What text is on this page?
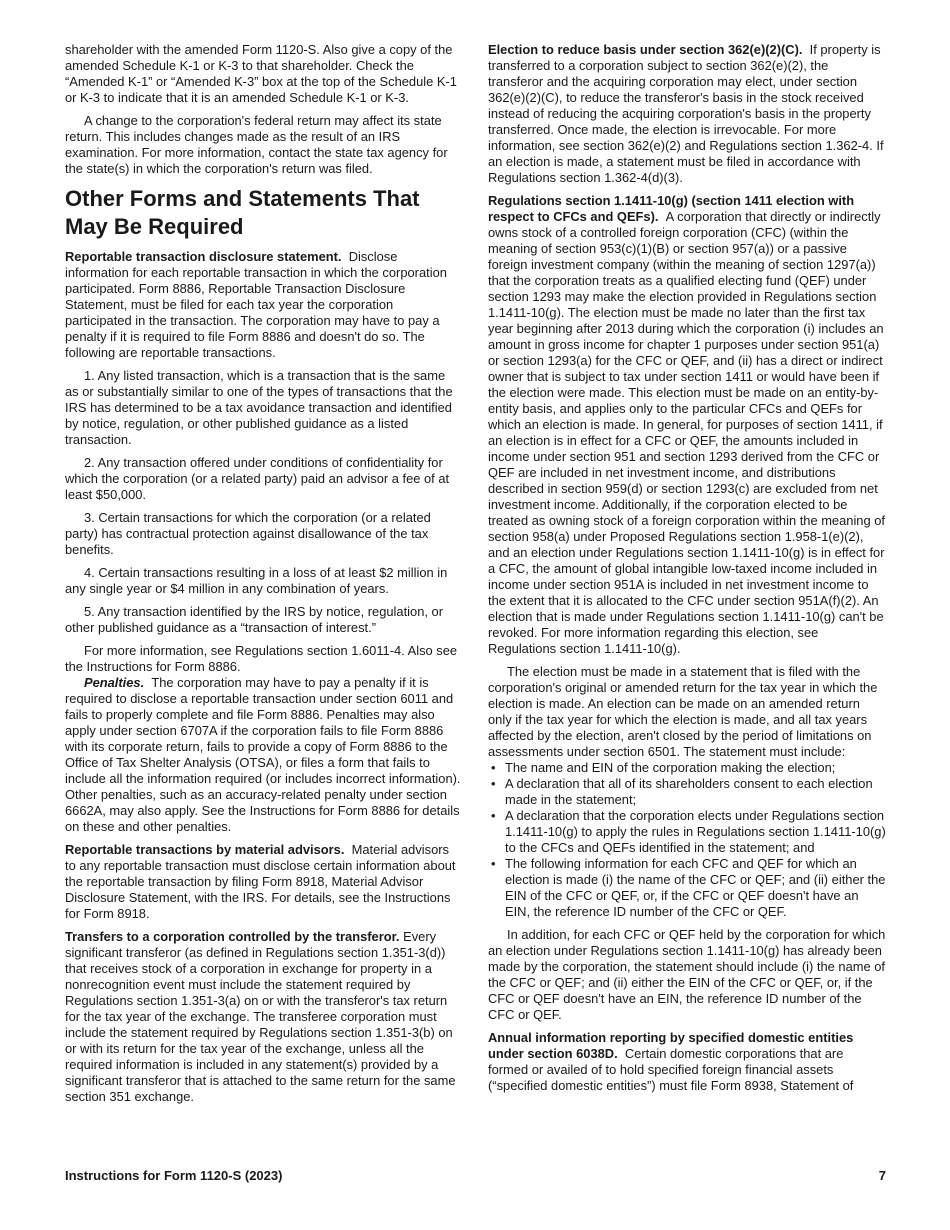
shareholder with the amended Form 1120-S. Also give a copy of the amended Schedule K-1 or K-3 to that shareholder. Check the “Amended K-1” or “Amended K-3” box at the top of the Schedule K-1 or K-3 to indicate that it is an amended Schedule K-1 or K-3.

A change to the corporation's federal return may affect its state return. This includes changes made as the result of an IRS examination. For more information, contact the state tax agency for the state(s) in which the corporation's return was filed.

Other Forms and Statements That May Be Required

Reportable transaction disclosure statement. Disclose information for each reportable transaction in which the corporation participated. Form 8886, Reportable Transaction Disclosure Statement, must be filed for each tax year the corporation participated in the transaction. The corporation may have to pay a penalty if it is required to file Form 8886 and doesn't do so. The following are reportable transactions.

1. Any listed transaction, which is a transaction that is the same as or substantially similar to one of the types of transactions that the IRS has determined to be a tax avoidance transaction and identified by notice, regulation, or other published guidance as a listed transaction.

2. Any transaction offered under conditions of confidentiality for which the corporation (or a related party) paid an advisor a fee of at least $50,000.

3. Certain transactions for which the corporation (or a related party) has contractual protection against disallowance of the tax benefits.

4. Certain transactions resulting in a loss of at least $2 million in any single year or $4 million in any combination of years.

5. Any transaction identified by the IRS by notice, regulation, or other published guidance as a “transaction of interest.”

For more information, see Regulations section 1.6011-4. Also see the Instructions for Form 8886.

Penalties. The corporation may have to pay a penalty if it is required to disclose a reportable transaction under section 6011 and fails to properly complete and file Form 8886. Penalties may also apply under section 6707A if the corporation fails to file Form 8886 with its corporate return, fails to provide a copy of Form 8886 to the Office of Tax Shelter Analysis (OTSA), or files a form that fails to include all the information required (or includes incorrect information). Other penalties, such as an accuracy-related penalty under section 6662A, may also apply. See the Instructions for Form 8886 for details on these and other penalties.

Reportable transactions by material advisors. Material advisors to any reportable transaction must disclose certain information about the reportable transaction by filing Form 8918, Material Advisor Disclosure Statement, with the IRS. For details, see the Instructions for Form 8918.

Transfers to a corporation controlled by the transferor. Every significant transferor (as defined in Regulations section 1.351-3(d)) that receives stock of a corporation in exchange for property in a nonrecognition event must include the statement required by Regulations section 1.351-3(a) on or with the transferor's tax return for the tax year of the exchange. The transferee corporation must include the statement required by Regulations section 1.351-3(b) on or with its return for the tax year of the exchange, unless all the required information is included in any statement(s) provided by a significant transferor that is attached to the same return for the same section 351 exchange.

Election to reduce basis under section 362(e)(2)(C). If property is transferred to a corporation subject to section 362(e)(2), the transferor and the acquiring corporation may elect, under section 362(e)(2)(C), to reduce the transferor's basis in the stock received instead of reducing the acquiring corporation's basis in the property transferred. Once made, the election is irrevocable. For more information, see section 362(e)(2) and Regulations section 1.362-4. If an election is made, a statement must be filed in accordance with Regulations section 1.362-4(d)(3).

Regulations section 1.1411-10(g) (section 1411 election with respect to CFCs and QEFs). A corporation that directly or indirectly owns stock of a controlled foreign corporation (CFC) (within the meaning of section 953(c)(1)(B) or section 957(a)) or a passive foreign investment company (within the meaning of section 1297(a)) that the corporation treats as a qualified electing fund (QEF) under section 1293 may make the election provided in Regulations section 1.1411-10(g). The election must be made no later than the first tax year beginning after 2013 during which the corporation (i) includes an amount in gross income for chapter 1 purposes under section 951(a) or section 1293(a) for the CFC or QEF, and (ii) has a direct or indirect owner that is subject to tax under section 1411 or would have been if the election were made. This election must be made on an entity-by-entity basis, and applies only to the particular CFCs and QEFs for which an election is made. In general, for purposes of section 1411, if an election is in effect for a CFC or QEF, the amounts included in income under section 951 and section 1293 derived from the CFC or QEF are included in net investment income, and distributions described in section 959(d) or section 1293(c) are excluded from net investment income. Additionally, if the corporation elected to be treated as owning stock of a foreign corporation within the meaning of section 958(a) under Proposed Regulations section 1.958-1(e)(2), and an election under Regulations section 1.1411-10(g) is in effect for a CFC, the amount of global intangible low-taxed income included in income under section 951A is included in net investment income to the extent that it is allocated to the CFC under section 951A(f)(2). An election that is made under Regulations section 1.1411-10(g) can't be revoked. For more information regarding this election, see Regulations section 1.1411-10(g).

The election must be made in a statement that is filed with the corporation's original or amended return for the tax year in which the election is made. An election can be made on an amended return only if the tax year for which the election is made, and all tax years affected by the election, aren't closed by the period of limitations on assessments under section 6501. The statement must include:

• The name and EIN of the corporation making the election;
• A declaration that all of its shareholders consent to each election made in the statement;
• A declaration that the corporation elects under Regulations section 1.1411-10(g) to apply the rules in Regulations section 1.1411-10(g) to the CFCs and QEFs identified in the statement; and
• The following information for each CFC and QEF for which an election is made (i) the name of the CFC or QEF; and (ii) either the EIN of the CFC or QEF, or, if the CFC or QEF doesn't have an EIN, the reference ID number of the CFC or QEF.

In addition, for each CFC or QEF held by the corporation for which an election under Regulations section 1.1411-10(g) has already been made by the corporation, the statement should include (i) the name of the CFC or QEF; and (ii) either the EIN of the CFC or QEF, or, if the CFC or QEF doesn't have an EIN, the reference ID number of the CFC or QEF.

Annual information reporting by specified domestic entities under section 6038D. Certain domestic corporations that are formed or availed of to hold specified foreign financial assets (“specified domestic entities”) must file Form 8938, Statement of

Instructions for Form 1120-S (2023)	7
